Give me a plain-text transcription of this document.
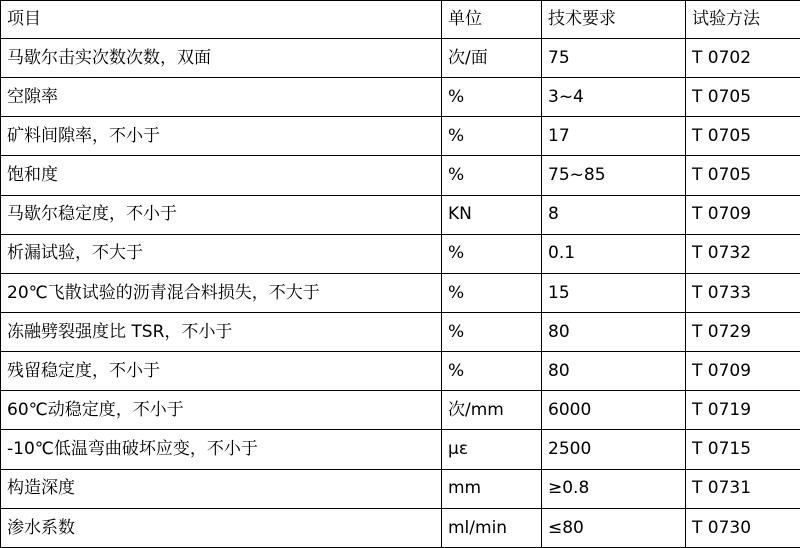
项目	单位	技术要求	试验方法
马歇尔击实次数次数，双面	次/面	75	T 0702
空隙率	%	3~4	T 0705
矿料间隙率，不小于	%	17	T 0705
饱和度	%	75~85	T 0705
马歇尔稳定度，不小于	KN	8	T 0709
析漏试验，不大于	%	0.1	T 0732
20℃飞散试验的沥青混合料损失，不大于	%	15	T 0733
冻融劈裂强度比 TSR，不小于	%	80	T 0729
残留稳定度，不小于	%	80	T 0709
60℃动稳定度，不小于	次/mm	6000	T 0719
-10℃低温弯曲破坏应变，不小于	με	2500	T 0715
构造深度	mm	≥0.8	T 0731
渗水系数	ml/min	≤80	T 0730
